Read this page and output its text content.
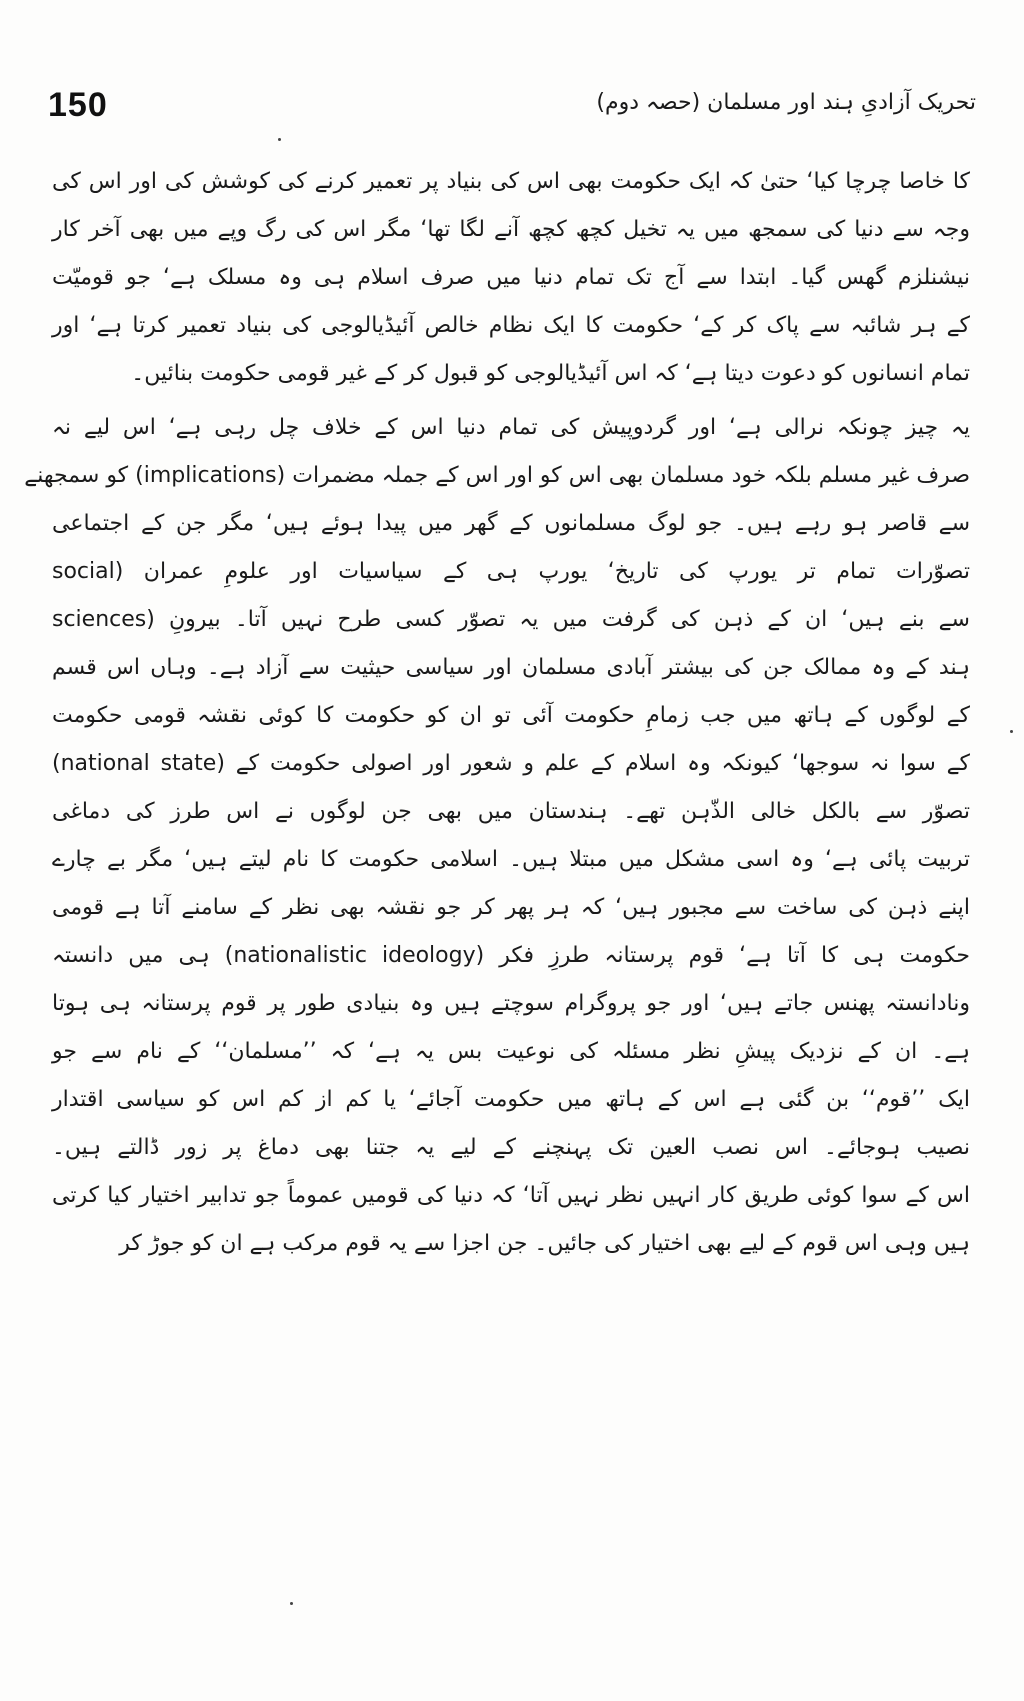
150	تحریک آزادیِ ہند اور مسلمان (حصہ دوم)
کا خاصا چرچا کیا‘ حتیٰ کہ ایک حکومت بھی اس کی بنیاد پر تعمیر کرنے کی کوشش کی اور اس کی
وجہ سے دنیا کی سمجھ میں یہ تخیل کچھ کچھ آنے لگا تھا‘ مگر اس کی رگ وپے میں بھی آخر کار
نیشنلزم گھس گیا۔ ابتدا سے آج تک تمام دنیا میں صرف اسلام ہی وہ مسلک ہے‘ جو قومیّت
کے ہر شائبہ سے پاک کر کے‘ حکومت کا ایک نظام خالص آئیڈیالوجی کی بنیاد تعمیر کرتا ہے‘ اور
تمام انسانوں کو دعوت دیتا ہے‘ کہ اس آئیڈیالوجی کو قبول کر کے غیر قومی حکومت بنائیں۔
یہ چیز چونکہ نرالی ہے‘ اور گردوپیش کی تمام دنیا اس کے خلاف چل رہی ہے‘ اس لیے نہ
صرف غیر مسلم بلکہ خود مسلمان بھی اس کو اور اس کے جملہ مضمرات (implications) کو سمجھنے
سے قاصر ہو رہے ہیں۔ جو لوگ مسلمانوں کے گھر میں پیدا ہوئے ہیں‘ مگر جن کے اجتماعی
تصوّرات تمام تر یورپ کی تاریخ‘ یورپ ہی کے سیاسیات اور علومِ عمران (social
sciences) سے بنے ہیں‘ ان کے ذہن کی گرفت میں یہ تصوّر کسی طرح نہیں آتا۔ بیرونِ
ہند کے وہ ممالک جن کی بیشتر آبادی مسلمان اور سیاسی حیثیت سے آزاد ہے۔ وہاں اس قسم
کے لوگوں کے ہاتھ میں جب زمامِ حکومت آئی تو ان کو حکومت کا کوئی نقشہ قومی حکومت
(national state) کے سوا نہ سوجھا‘ کیونکہ وہ اسلام کے علم و شعور اور اصولی حکومت کے
تصوّر سے بالکل خالی الذّہن تھے۔ ہندستان میں بھی جن لوگوں نے اس طرز کی دماغی
تربیت پائی ہے‘ وہ اسی مشکل میں مبتلا ہیں۔ اسلامی حکومت کا نام لیتے ہیں‘ مگر بے چارے
اپنے ذہن کی ساخت سے مجبور ہیں‘ کہ ہر پھر کر جو نقشہ بھی نظر کے سامنے آتا ہے قومی
حکومت ہی کا آتا ہے‘ قوم پرستانہ طرزِ فکر (nationalistic ideology) ہی میں دانستہ
ونادانستہ پھنس جاتے ہیں‘ اور جو پروگرام سوچتے ہیں وہ بنیادی طور پر قوم پرستانہ ہی ہوتا
ہے۔ ان کے نزدیک پیشِ نظر مسئلہ کی نوعیت بس یہ ہے‘ کہ ’’مسلمان‘‘ کے نام سے جو
ایک ’’قوم‘‘ بن گئی ہے اس کے ہاتھ میں حکومت آجائے‘ یا کم از کم اس کو سیاسی اقتدار
نصیب ہوجائے۔ اس نصب العین تک پہنچنے کے لیے یہ جتنا بھی دماغ پر زور ڈالتے ہیں۔
اس کے سوا کوئی طریق کار انہیں نظر نہیں آتا‘ کہ دنیا کی قومیں عموماً جو تدابیر اختیار کیا کرتی
ہیں وہی اس قوم کے لیے بھی اختیار کی جائیں۔ جن اجزا سے یہ قوم مرکب ہے ان کو جوڑ کر
